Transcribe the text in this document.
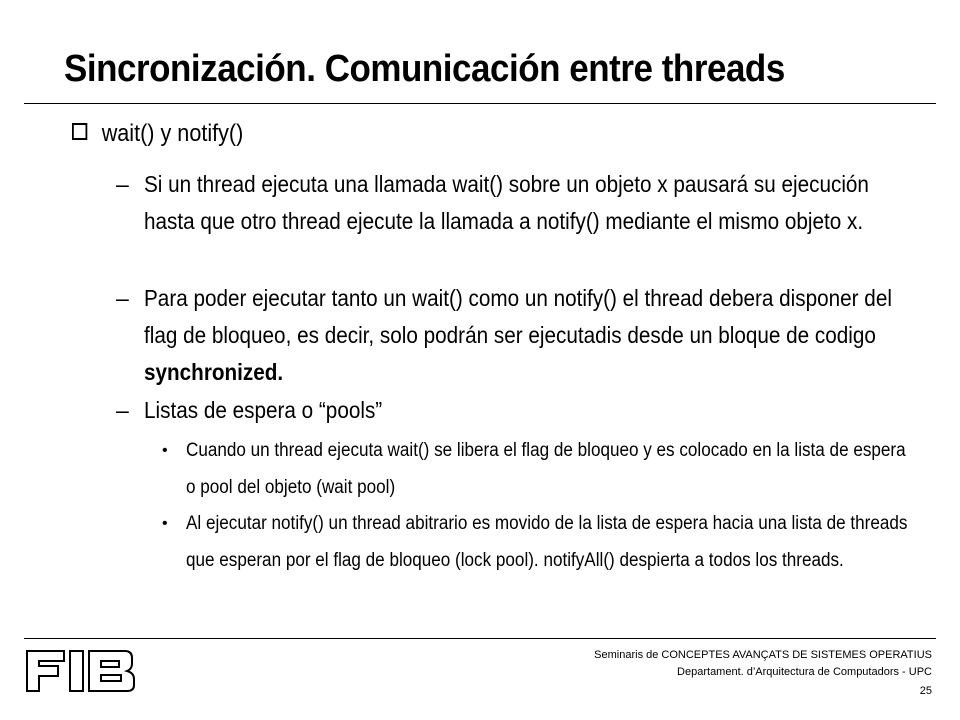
Sincronización. Comunicación entre threads
wait() y notify()
– Si un thread ejecuta una llamada wait() sobre un objeto x pausará su ejecución hasta que otro thread ejecute la llamada a notify() mediante el mismo objeto x.
– Para poder ejecutar tanto un wait() como un notify() el thread debera disponer del flag de bloqueo, es decir, solo podrán ser ejecutadis desde un bloque de codigo synchronized.
– Listas de espera o “pools”
• Cuando un thread ejecuta wait() se libera el flag de bloqueo y es colocado en la lista de espera o pool del objeto (wait pool)
• Al ejecutar notify() un thread abitrario es movido de la lista de espera hacia una lista de threads que esperan por el flag de bloqueo (lock pool). notifyAll() despierta a todos los threads.
Seminaris de CONCEPTES AVANÇATS DE SISTEMES OPERATIUS
Departament. d’Arquitectura de Computadors - UPC
25
